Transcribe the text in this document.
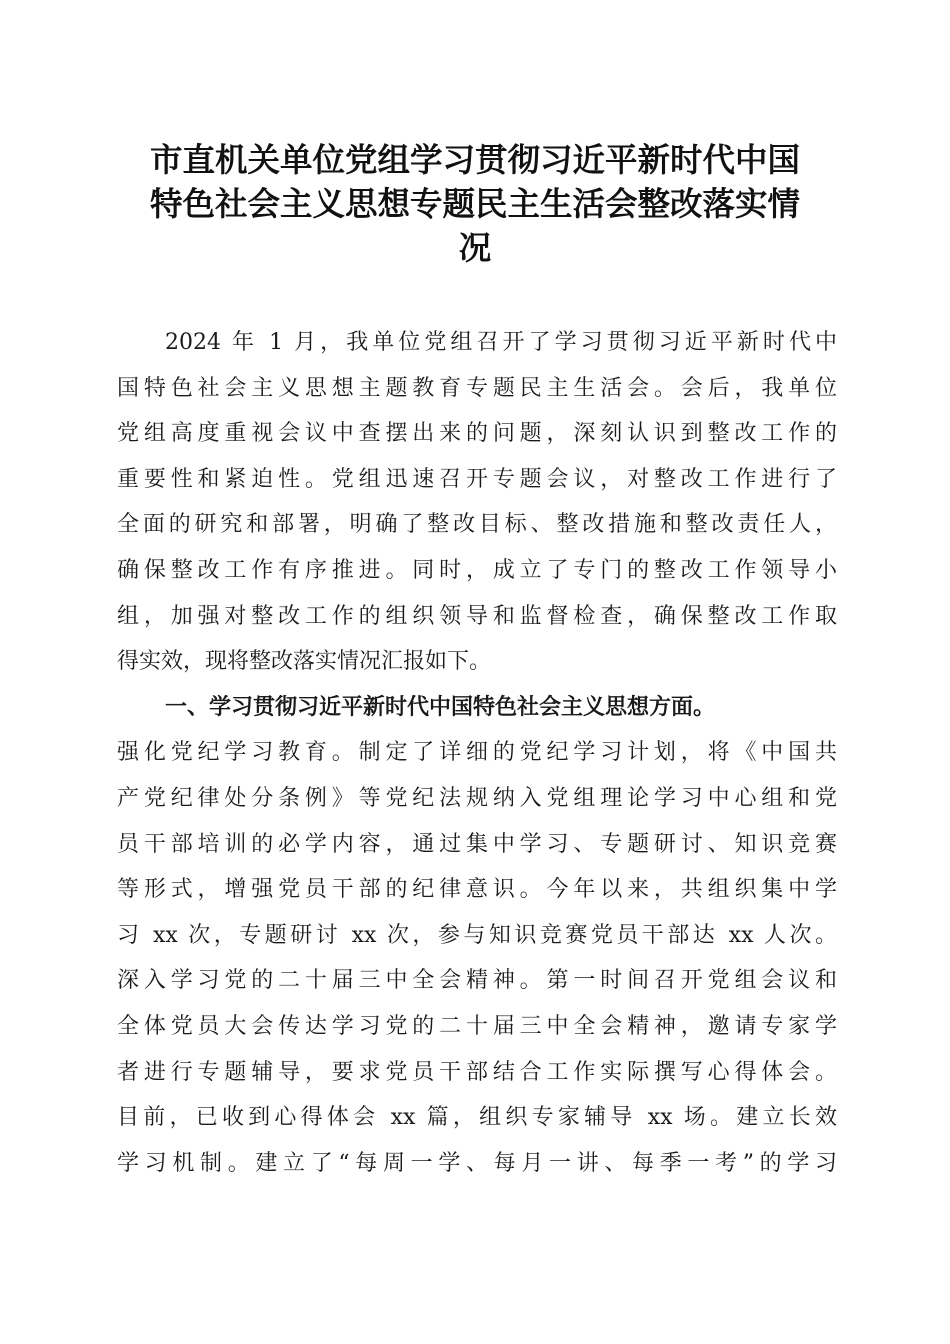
市直机关单位党组学习贯彻习近平新时代中国
特色社会主义思想专题民主生活会整改落实情
况
2024 年 1 月，我单位党组召开了学习贯彻习近平新时代中
国特色社会主义思想主题教育专题民主生活会。会后，我单位
党组高度重视会议中查摆出来的问题，深刻认识到整改工作的
重要性和紧迫性。党组迅速召开专题会议，对整改工作进行了
全面的研究和部署，明确了整改目标、整改措施和整改责任人，
确保整改工作有序推进。同时，成立了专门的整改工作领导小
组，加强对整改工作的组织领导和监督检查，确保整改工作取
得实效，现将整改落实情况汇报如下。
一、学习贯彻习近平新时代中国特色社会主义思想方面。
强化党纪学习教育。制定了详细的党纪学习计划，将《中国共
产党纪律处分条例》等党纪法规纳入党组理论学习中心组和党
员干部培训的必学内容，通过集中学习、专题研讨、知识竞赛
等形式，增强党员干部的纪律意识。今年以来，共组织集中学
习 xx 次，专题研讨 xx 次，参与知识竞赛党员干部达 xx 人次。
深入学习党的二十届三中全会精神。第一时间召开党组会议和
全体党员大会传达学习党的二十届三中全会精神，邀请专家学
者进行专题辅导，要求党员干部结合工作实际撰写心得体会。
目前，已收到心得体会 xx 篇，组织专家辅导 xx 场。建立长效
学习机制。建立了“每周一学、每月一讲、每季一考”的学习
